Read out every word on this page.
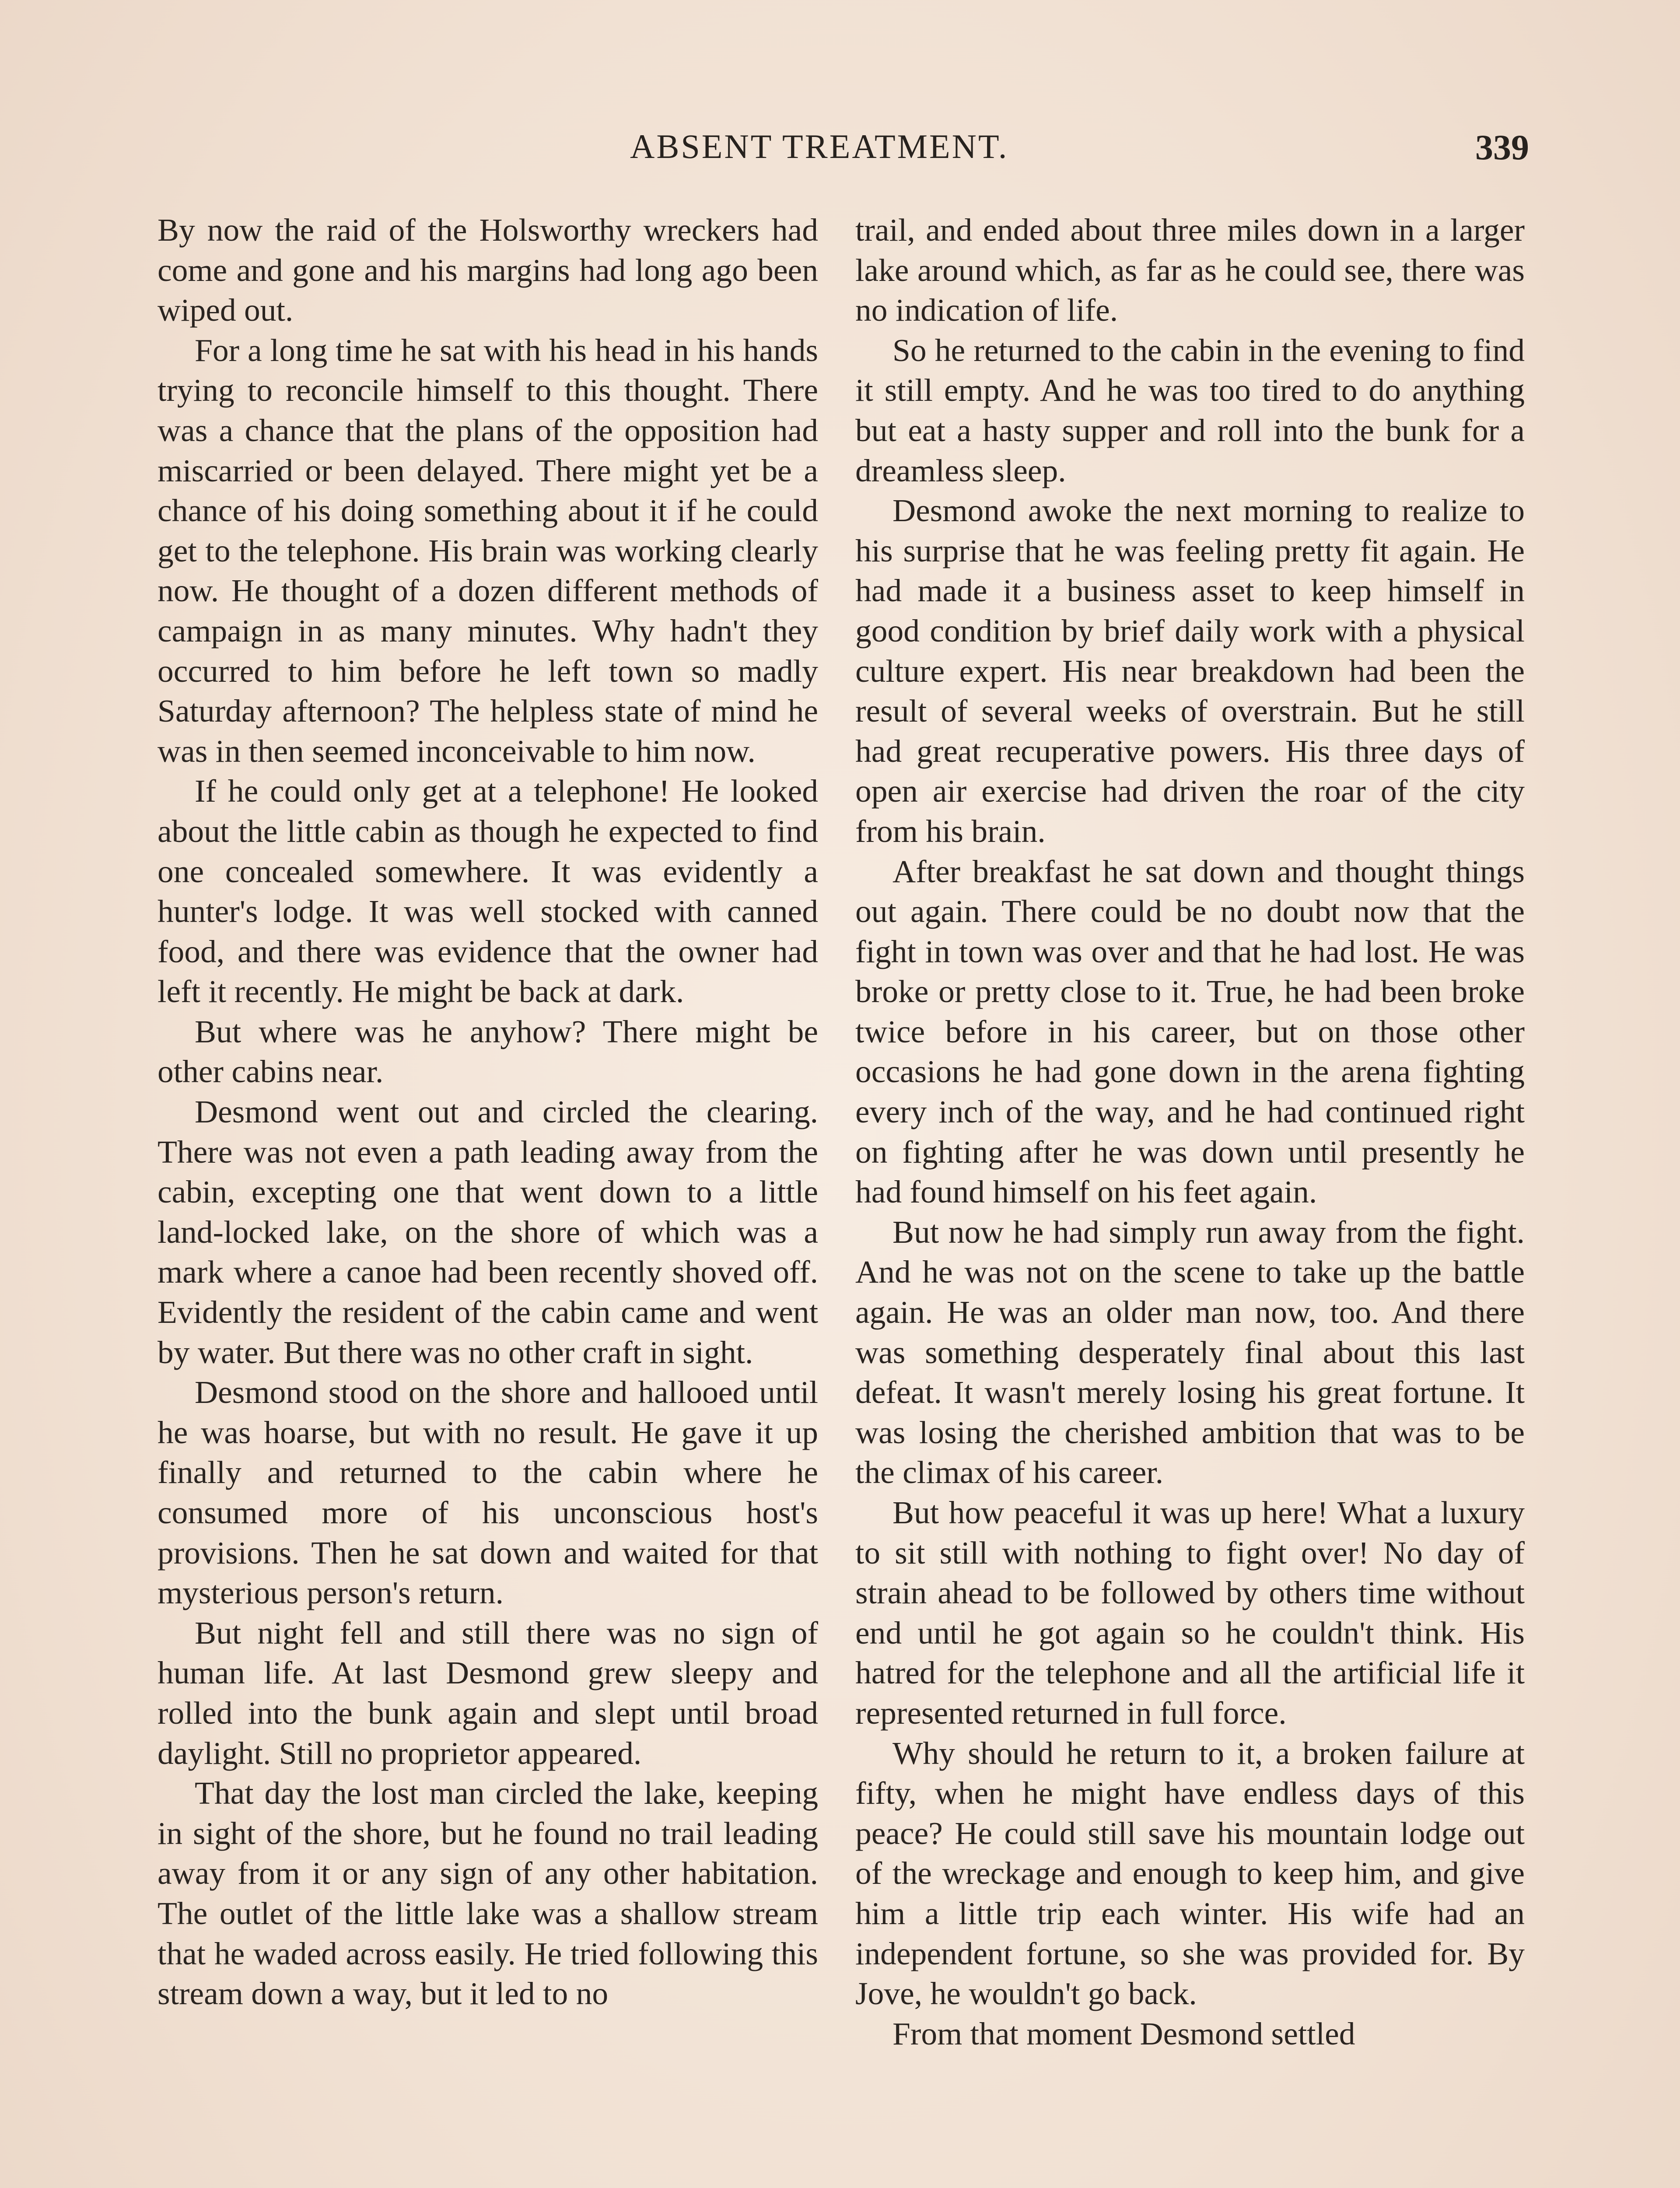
ABSENT TREATMENT.	339

By now the raid of the Holsworthy wreckers had come and gone and his margins had long ago been wiped out.

For a long time he sat with his head in his hands trying to reconcile himself to this thought. There was a chance that the plans of the opposition had miscarried or been delayed. There might yet be a chance of his doing something about it if he could get to the telephone. His brain was working clearly now. He thought of a dozen different methods of campaign in as many minutes. Why hadn't they occurred to him before he left town so madly Saturday afternoon? The helpless state of mind he was in then seemed inconceivable to him now.

If he could only get at a telephone! He looked about the little cabin as though he expected to find one concealed somewhere. It was evidently a hunter's lodge. It was well stocked with canned food, and there was evidence that the owner had left it recently. He might be back at dark.

But where was he anyhow? There might be other cabins near.

Desmond went out and circled the clearing. There was not even a path leading away from the cabin, excepting one that went down to a little land-locked lake, on the shore of which was a mark where a canoe had been recently shoved off. Evidently the resident of the cabin came and went by water. But there was no other craft in sight.

Desmond stood on the shore and hallooed until he was hoarse, but with no result. He gave it up finally and returned to the cabin where he consumed more of his unconscious host's provisions. Then he sat down and waited for that mysterious person's return.

But night fell and still there was no sign of human life. At last Desmond grew sleepy and rolled into the bunk again and slept until broad daylight. Still no proprietor appeared.

That day the lost man circled the lake, keeping in sight of the shore, but he found no trail leading away from it or any sign of any other habitation. The outlet of the little lake was a shallow stream that he waded across easily. He tried following this stream down a way, but it led to no

trail, and ended about three miles down in a larger lake around which, as far as he could see, there was no indication of life.

So he returned to the cabin in the evening to find it still empty. And he was too tired to do anything but eat a hasty supper and roll into the bunk for a dreamless sleep.

Desmond awoke the next morning to realize to his surprise that he was feeling pretty fit again. He had made it a business asset to keep himself in good condition by brief daily work with a physical culture expert. His near breakdown had been the result of several weeks of overstrain. But he still had great recuperative powers. His three days of open air exercise had driven the roar of the city from his brain.

After breakfast he sat down and thought things out again. There could be no doubt now that the fight in town was over and that he had lost. He was broke or pretty close to it. True, he had been broke twice before in his career, but on those other occasions he had gone down in the arena fighting every inch of the way, and he had continued right on fighting after he was down until presently he had found himself on his feet again.

But now he had simply run away from the fight. And he was not on the scene to take up the battle again. He was an older man now, too. And there was something desperately final about this last defeat. It wasn't merely losing his great fortune. It was losing the cherished ambition that was to be the climax of his career.

But how peaceful it was up here! What a luxury to sit still with nothing to fight over! No day of strain ahead to be followed by others time without end until he got again so he couldn't think. His hatred for the telephone and all the artificial life it represented returned in full force.

Why should he return to it, a broken failure at fifty, when he might have endless days of this peace? He could still save his mountain lodge out of the wreckage and enough to keep him, and give him a little trip each winter. His wife had an independent fortune, so she was provided for. By Jove, he wouldn't go back.

From that moment Desmond settled
